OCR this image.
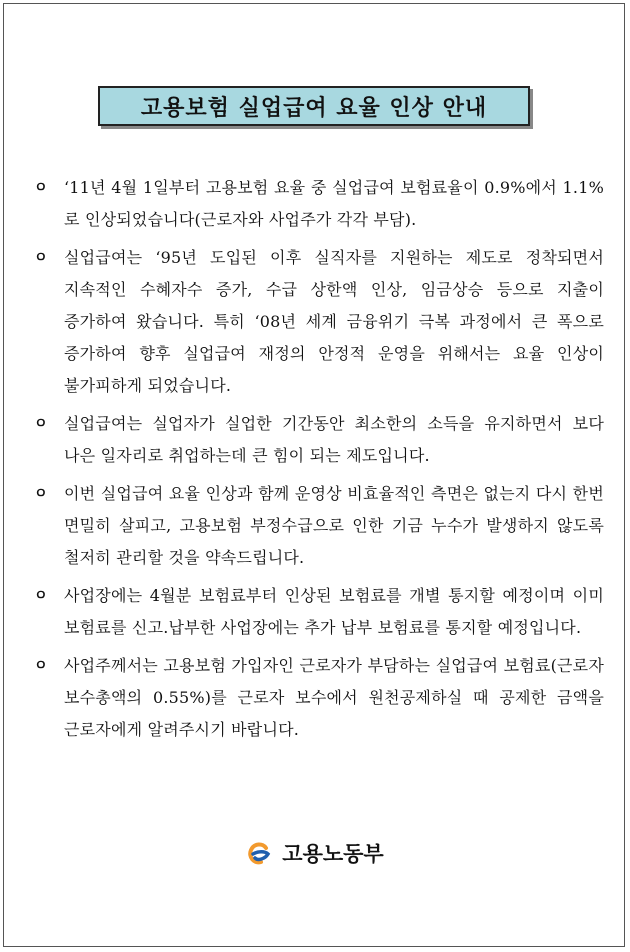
고용보험 실업급여 요율 인상 안내
ㅇ	‘11년 4월 1일부터 고용보험 요율 중 실업급여 보험료율이 0.9%에서 1.1%로 인상되었습니다(근로자와 사업주가 각각 부담).
ㅇ	실업급여는 ‘95년 도입된 이후 실직자를 지원하는 제도로 정착되면서 지속적인 수혜자수 증가, 수급 상한액 인상, 임금상승 등으로 지출이 증가하여 왔습니다. 특히 ‘08년 세계 금융위기 극복 과정에서 큰 폭으로 증가하여 향후 실업급여 재정의 안정적 운영을 위해서는 요율 인상이 불가피하게 되었습니다.
ㅇ	실업급여는 실업자가 실업한 기간동안 최소한의 소득을 유지하면서 보다 나은 일자리로 취업하는데 큰 힘이 되는 제도입니다.
ㅇ	이번 실업급여 요율 인상과 함께 운영상 비효율적인 측면은 없는지 다시 한번 면밀히 살피고, 고용보험 부정수급으로 인한 기금 누수가 발생하지 않도록 철저히 관리할 것을 약속드립니다.
ㅇ	사업장에는 4월분 보험료부터 인상된 보험료를 개별 통지할 예정이며 이미 보험료를 신고.납부한 사업장에는 추가 납부 보험료를 통지할 예정입니다.
ㅇ	사업주께서는 고용보험 가입자인 근로자가 부담하는 실업급여 보험료(근로자 보수총액의 0.55%)를 근로자 보수에서 원천공제하실 때 공제한 금액을 근로자에게 알려주시기 바랍니다.
고용노동부
